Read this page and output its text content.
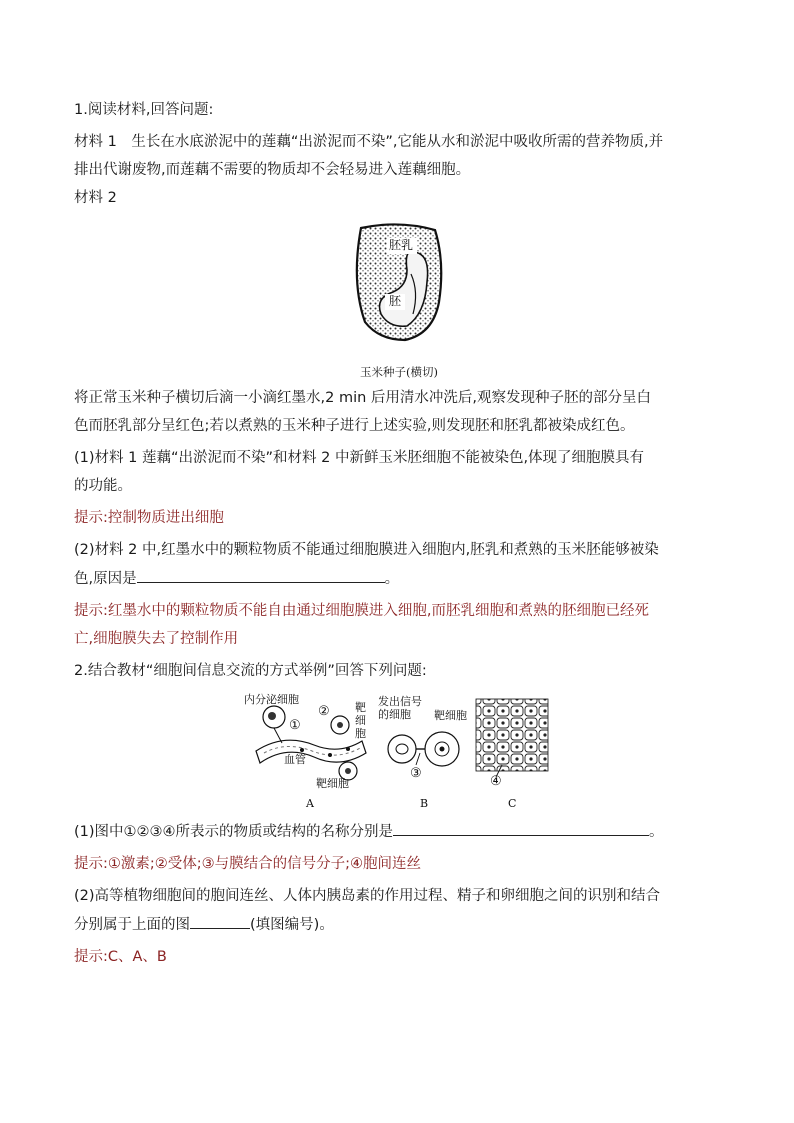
1.阅读材料,回答问题:

材料 1　生长在水底淤泥中的莲藕“出淤泥而不染”,它能从水和淤泥中吸收所需的营养物质,并

排出代谢废物,而莲藕不需要的物质却不会轻易进入莲藕细胞。

材料 2

胚乳
胚
玉米种子(横切)

将正常玉米种子横切后滴一小滴红墨水,2 min 后用清水冲洗后,观察发现种子胚的部分呈白

色而胚乳部分呈红色;若以煮熟的玉米种子进行上述实验,则发现胚和胚乳都被染成红色。

(1)材料 1 莲藕“出淤泥而不染”和材料 2 中新鲜玉米胚细胞不能被染色,体现了细胞膜具有

的功能。

提示:控制物质进出细胞

(2)材料 2 中,红墨水中的颗粒物质不能通过细胞膜进入细胞内,胚乳和煮熟的玉米胚能够被染

色,原因是	。

提示:红墨水中的颗粒物质不能自由通过细胞膜进入细胞,而胚乳细胞和煮熟的胚细胞已经死

亡,细胞膜失去了控制作用

2.结合教材“细胞间信息交流的方式举例”回答下列问题:

内分泌细胞
①
② 靶细胞
血管
靶细胞
发出信号的细胞	靶细胞
③
④
A	B	C

(1)图中①②③④所表示的物质或结构的名称分别是	。

提示:①激素;②受体;③与膜结合的信号分子;④胞间连丝

(2)高等植物细胞间的胞间连丝、人体内胰岛素的作用过程、精子和卵细胞之间的识别和结合

分别属于上面的图	(填图编号)。

提示:C、A、B
